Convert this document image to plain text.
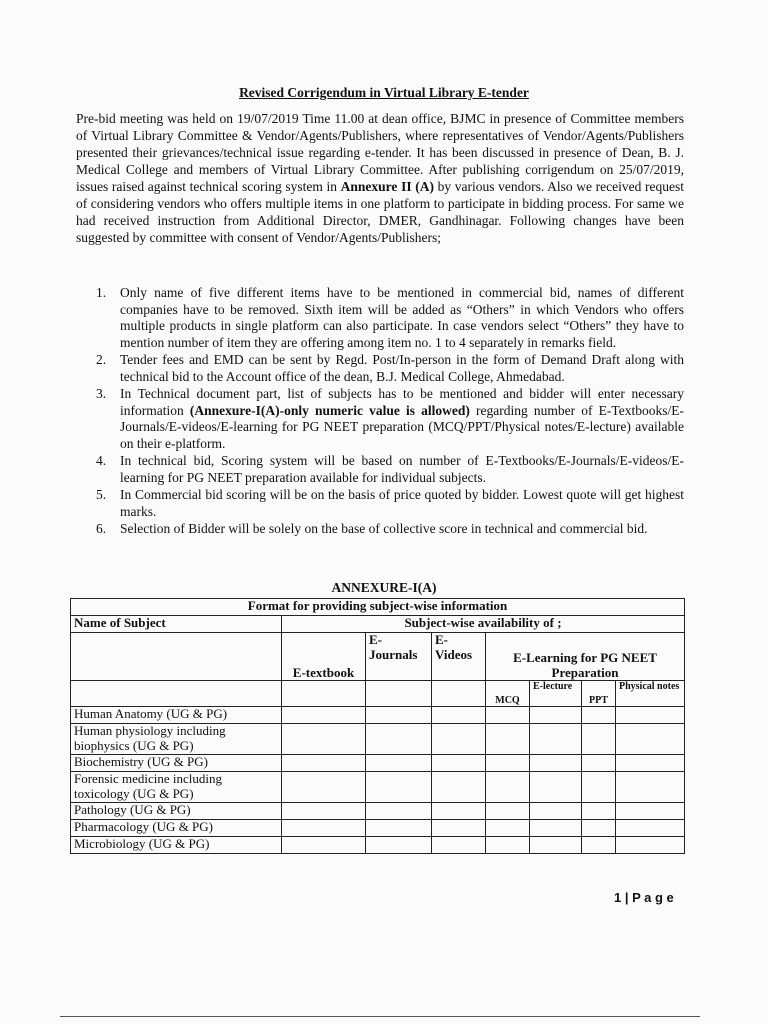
Revised Corrigendum in Virtual Library E-tender

Pre-bid meeting was held on 19/07/2019 Time 11.00 at dean office, BJMC in presence of Committee members of Virtual Library Committee & Vendor/Agents/Publishers, where representatives of Vendor/Agents/Publishers presented their grievances/technical issue regarding e-tender. It has been discussed in presence of Dean, B. J. Medical College and members of Virtual Library Committee. After publishing corrigendum on 25/07/2019, issues raised against technical scoring system in Annexure II (A) by various vendors. Also we received request of considering vendors who offers multiple items in one platform to participate in bidding process. For same we had received instruction from Additional Director, DMER, Gandhinagar. Following changes have been suggested by committee with consent of Vendor/Agents/Publishers;

1. Only name of five different items have to be mentioned in commercial bid, names of different companies have to be removed. Sixth item will be added as “Others” in which Vendors who offers multiple products in single platform can also participate. In case vendors select “Others” they have to mention number of item they are offering among item no. 1 to 4 separately in remarks field.
2. Tender fees and EMD can be sent by Regd. Post/In-person in the form of Demand Draft along with technical bid to the Account office of the dean, B.J. Medical College, Ahmedabad.
3. In Technical document part, list of subjects has to be mentioned and bidder will enter necessary information (Annexure-I(A)-only numeric value is allowed) regarding number of E-Textbooks/E-Journals/E-videos/E-learning for PG NEET preparation (MCQ/PPT/Physical notes/E-lecture) available on their e-platform.
4. In technical bid, Scoring system will be based on number of E-Textbooks/E-Journals/E-videos/E-learning for PG NEET preparation available for individual subjects.
5. In Commercial bid scoring will be on the basis of price quoted by bidder. Lowest quote will get highest marks.
6. Selection of Bidder will be solely on the base of collective score in technical and commercial bid.
ANNEXURE-I(A)
Format for providing subject-wise information							
Name of Subject	Subject-wise availability of ;						
	E-textbook	E-Journals	E-Videos	E-Learning for PG NEET Preparation			
				MCQ	E-lecture	PPT	Physical notes
Human Anatomy (UG & PG)							
Human physiology including biophysics (UG & PG)							
Biochemistry (UG & PG)							
Forensic medicine including toxicology (UG & PG)							
Pathology (UG & PG)							
Pharmacology (UG & PG)							
Microbiology (UG & PG)							
1 | P a g e
